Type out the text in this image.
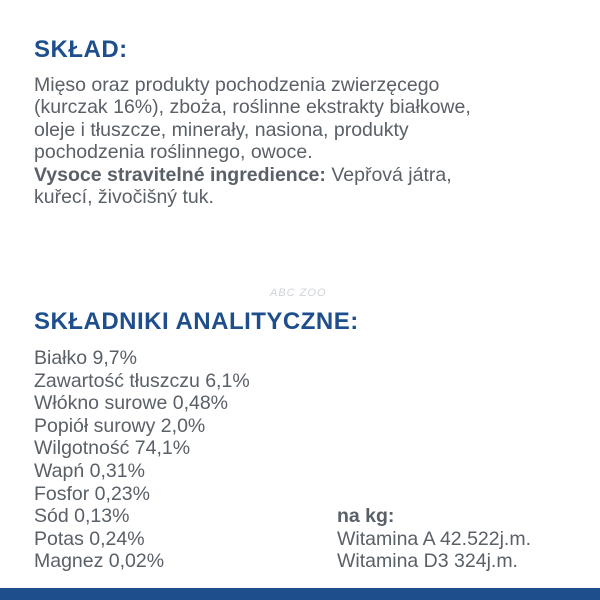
SKŁAD:
Mięso oraz produkty pochodzenia zwierzęcego
(kurczak 16%), zboża, roślinne ekstrakty białkowe,
oleje i tłuszcze, minerały, nasiona, produkty
pochodzenia roślinnego, owoce.
Vysoce stravitelné ingredience: Vepřová játra,
kuřecí, živočišný tuk.
ABC ZOO
SKŁADNIKI ANALITYCZNE:
Białko 9,7%
Zawartość tłuszczu 6,1%
Włókno surowe 0,48%
Popiół surowy 2,0%
Wilgotność 74,1%
Wapń 0,31%
Fosfor 0,23%
Sód 0,13%
Potas 0,24%
Magnez 0,02%
na kg:
Witamina A 42.522j.m.
Witamina D3 324j.m.
